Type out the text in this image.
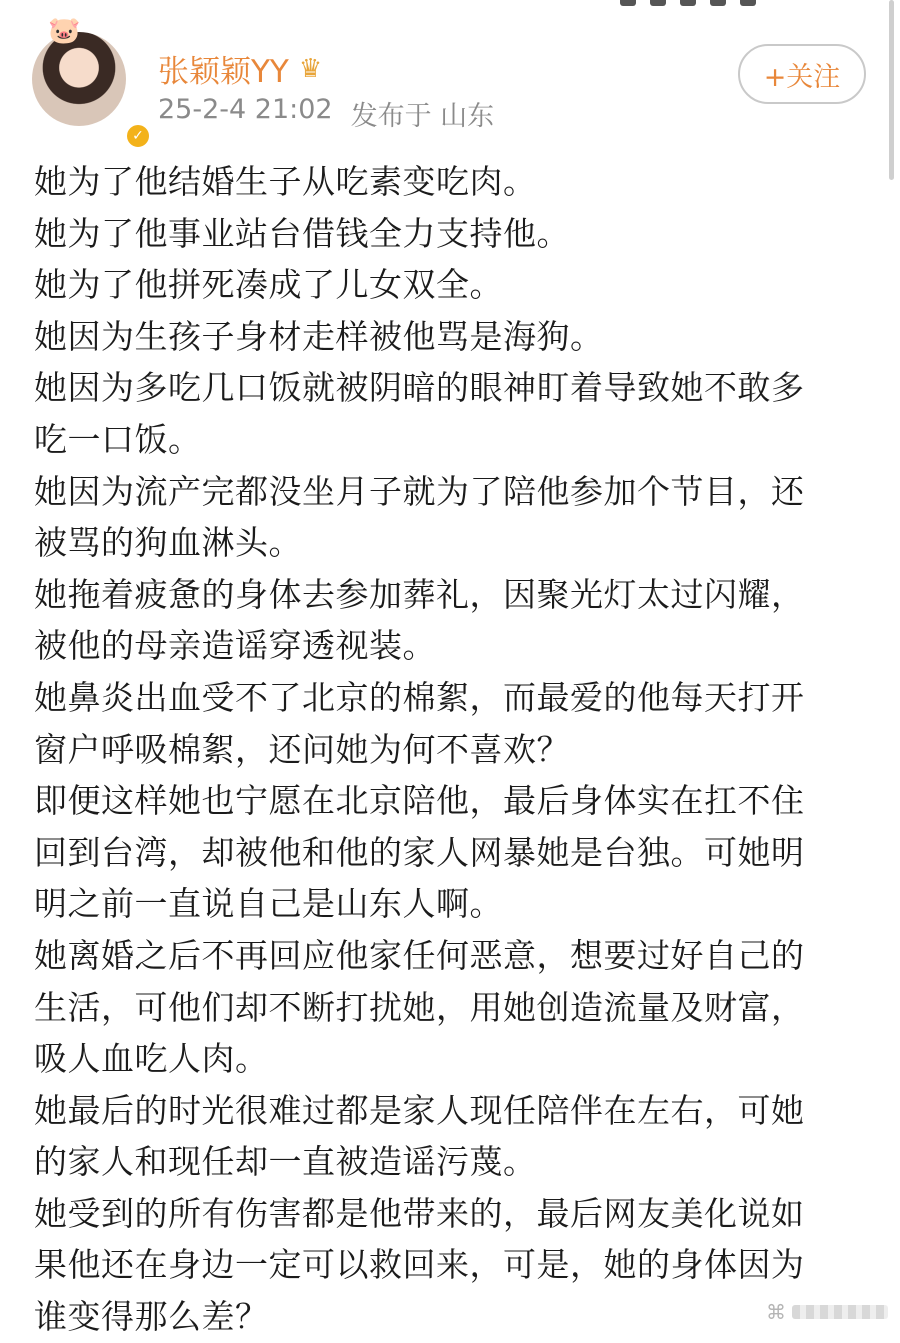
🐷
✓
张颖颖YY ♛
25-2-4 21:02 发布于 山东
+关注
她为了他结婚生子从吃素变吃肉。
她为了他事业站台借钱全力支持他。
她为了他拼死凑成了儿女双全。
她因为生孩子身材走样被他骂是海狗。
她因为多吃几口饭就被阴暗的眼神盯着导致她不敢多
吃一口饭。
她因为流产完都没坐月子就为了陪他参加个节目，还
被骂的狗血淋头。
她拖着疲惫的身体去参加葬礼，因聚光灯太过闪耀，
被他的母亲造谣穿透视装。
她鼻炎出血受不了北京的棉絮，而最爱的他每天打开
窗户呼吸棉絮，还问她为何不喜欢？
即便这样她也宁愿在北京陪他，最后身体实在扛不住
回到台湾，却被他和他的家人网暴她是台独。可她明
明之前一直说自己是山东人啊。
她离婚之后不再回应他家任何恶意，想要过好自己的
生活，可他们却不断打扰她，用她创造流量及财富，
吸人血吃人肉。
她最后的时光很难过都是家人现任陪伴在左右，可她
的家人和现任却一直被造谣污蔑。
她受到的所有伤害都是他带来的，最后网友美化说如
果他还在身边一定可以救回来，可是，她的身体因为
谁变得那么差？	⌘
